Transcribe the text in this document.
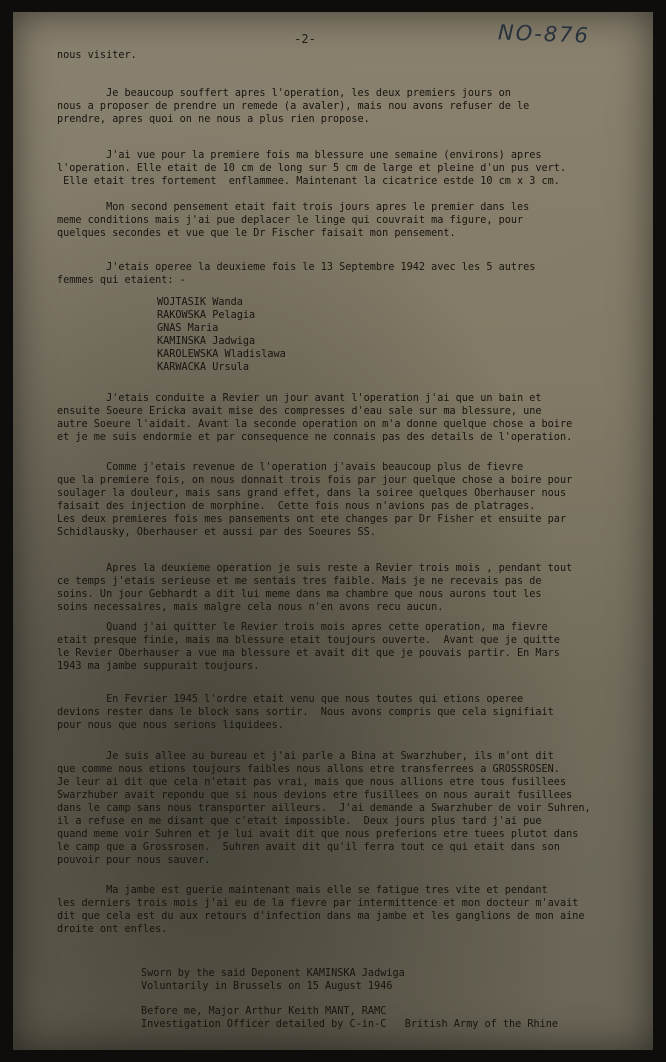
-2-	NO-876
nous visiter.
Je beaucoup souffert apres l'operation, les deux premiers jours on
nous a proposer de prendre un remede (a avaler), mais nou avons refuser de le
prendre, apres quoi on ne nous a plus rien propose.
J'ai vue pour la premiere fois ma blessure une semaine (environs) apres
l'operation. Elle etait de 10 cm de long sur 5 cm de large et pleine d'un pus vert.
Elle etait tres fortement  enflammee. Maintenant la cicatrice estde 10 cm x 3 cm.
Mon second pensement etait fait trois jours apres le premier dans les
meme conditions mais j'ai pue deplacer le linge qui couvrait ma figure, pour
quelques secondes et vue que le Dr Fischer faisait mon pensement.
J'etais operee la deuxieme fois le 13 Septembre 1942 avec les 5 autres
femmes qui etaient: -
WOJTASIK Wanda
RAKOWSKA Pelagia
GNAS Maria
KAMINSKA Jadwiga
KAROLEWSKA Wladislawa
KARWACKA Ursula
J'etais conduite a Revier un jour avant l'operation j'ai que un bain et
ensuite Soeure Ericka avait mise des compresses d'eau sale sur ma blessure, une
autre Soeure l'aidait. Avant la seconde operation on m'a donne quelque chose a boire
et je me suis endormie et par consequence ne connais pas des details de l'operation.
Comme j'etais revenue de l'operation j'avais beaucoup plus de fievre
que la premiere fois, on nous donnait trois fois par jour quelque chose a boire pour
soulager la douleur, mais sans grand effet, dans la soiree quelques Oberhauser nous
faisait des injection de morphine.  Cette fois nous n'avions pas de platrages.
Les deux premieres fois mes pansements ont ete changes par Dr Fisher et ensuite par
Schidlausky, Oberhauser et aussi par des Soeures SS.
Apres la deuxieme operation je suis reste a Revier trois mois , pendant tout
ce temps j'etais serieuse et me sentais tres faible. Mais je ne recevais pas de
soins. Un jour Gebhardt a dit lui meme dans ma chambre que nous aurons tout les
soins necessaires, mais malgre cela nous n'en avons recu aucun.
Quand j'ai quitter le Revier trois mois apres cette operation, ma fievre
etait presque finie, mais ma blessure etait toujours ouverte.  Avant que je quitte
le Revier Oberhauser a vue ma blessure et avait dit que je pouvais partir. En Mars
1943 ma jambe suppurait toujours.
En Fevrier 1945 l'ordre etait venu que nous toutes qui etions operee
devions rester dans le block sans sortir.  Nous avons compris que cela signifiait
pour nous que nous serions liquidees.
Je suis allee au bureau et j'ai parle a Bina at Swarzhuber, ils m'ont dit
que comme nous etions toujours faibles nous allons etre transferrees a GROSSROSEN.
Je leur ai dit que cela n'etait pas vrai, mais que nous allions etre tous fusillees
Swarzhuber avait repondu que si nous devions etre fusillees on nous aurait fusillees
dans le camp sans nous transporter ailleurs.  J'ai demande a Swarzhuber de voir Suhren,
il a refuse en me disant que c'etait impossible.  Deux jours plus tard j'ai pue
quand meme voir Suhren et je lui avait dit que nous preferions etre tuees plutot dans
le camp que a Grossrosen.  Suhren avait dit qu'il ferra tout ce qui etait dans son
pouvoir pour nous sauver.
Ma jambe est guerie maintenant mais elle se fatigue tres vite et pendant
les derniers trois mois j'ai eu de la fievre par intermittence et mon docteur m'avait
dit que cela est du aux retours d'infection dans ma jambe et les ganglions de mon aine
droite ont enfles.
Sworn by the said Deponent KAMINSKA Jadwiga
Voluntarily in Brussels on 15 August 1946
Before me, Major Arthur Keith MANT, RAMC
Investigation Officer detailed by C-in-C   British Army of the Rhine
